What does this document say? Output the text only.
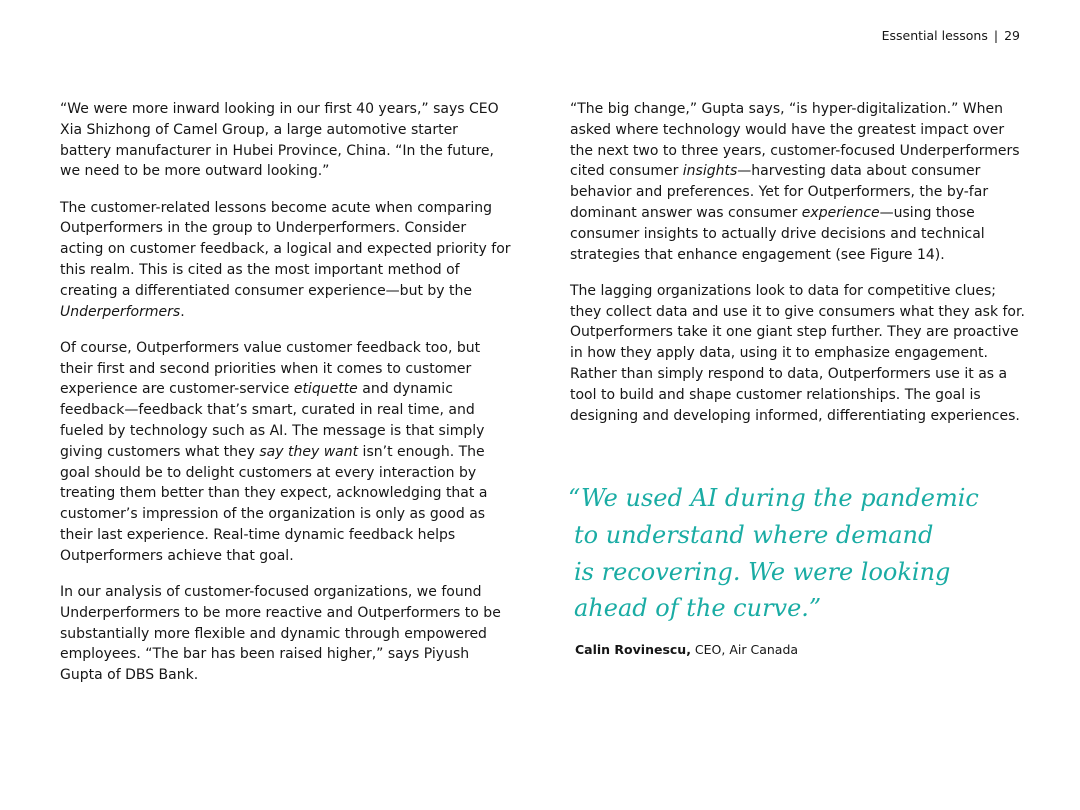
Essential lessons | 29

“We were more inward looking in our first 40 years,” says CEO Xia Shizhong of Camel Group, a large automotive starter battery manufacturer in Hubei Province, China. “In the future, we need to be more outward looking.”

The customer-related lessons become acute when comparing Outperformers in the group to Underperformers. Consider acting on customer feedback, a logical and expected priority for this realm. This is cited as the most important method of creating a differentiated consumer experience—but by the Underperformers.

Of course, Outperformers value customer feedback too, but their first and second priorities when it comes to customer experience are customer-service etiquette and dynamic feedback—feedback that’s smart, curated in real time, and fueled by technology such as AI. The message is that simply giving customers what they say they want isn’t enough. The goal should be to delight customers at every interaction by treating them better than they expect, acknowledging that a customer’s impression of the organization is only as good as their last experience. Real-time dynamic feedback helps Outperformers achieve that goal.

In our analysis of customer-focused organizations, we found Underperformers to be more reactive and Outperformers to be substantially more flexible and dynamic through empowered employees. “The bar has been raised higher,” says Piyush Gupta of DBS Bank.

“The big change,” Gupta says, “is hyper-digitalization.” When asked where technology would have the greatest impact over the next two to three years, customer-focused Underperformers cited consumer insights—harvesting data about consumer behavior and preferences. Yet for Outperformers, the by-far dominant answer was consumer experience—using those consumer insights to actually drive decisions and technical strategies that enhance engagement (see Figure 14).

The lagging organizations look to data for competitive clues; they collect data and use it to give consumers what they ask for. Outperformers take it one giant step further. They are proactive in how they apply data, using it to emphasize engagement. Rather than simply respond to data, Outperformers use it as a tool to build and shape customer relationships. The goal is designing and developing informed, differentiating experiences.

“We used AI during the pandemic
to understand where demand
is recovering. We were looking
ahead of the curve.”
Calin Rovinescu, CEO, Air Canada
